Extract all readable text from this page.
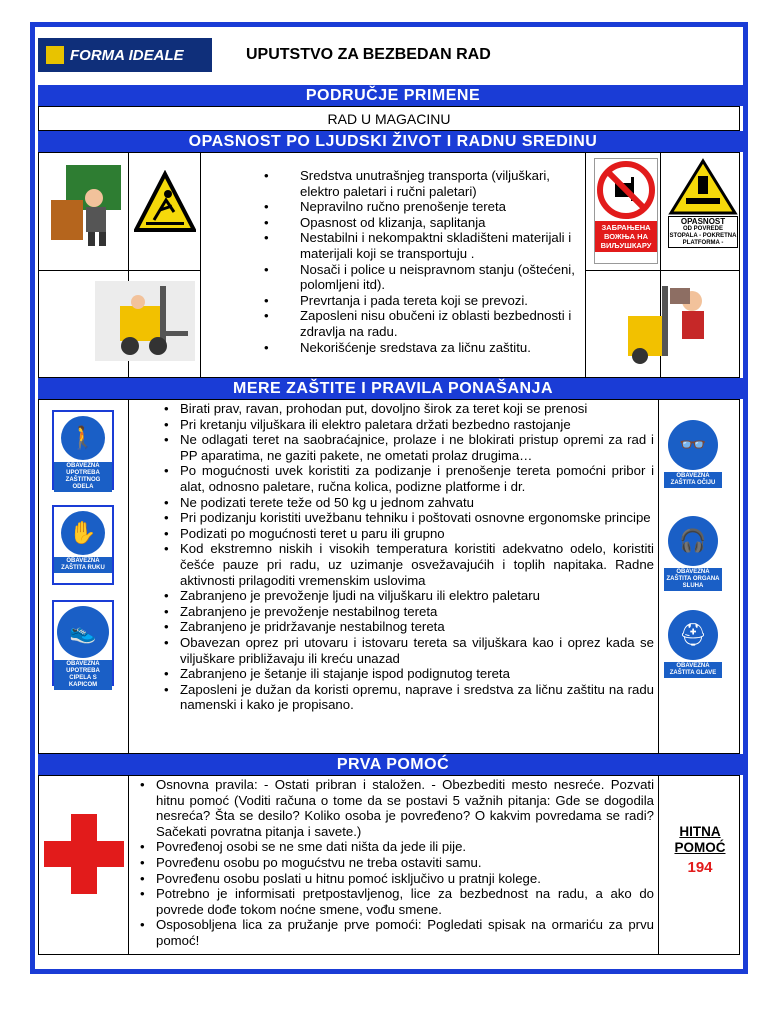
FORMA IDEALE	UPUTSTVO ZA BEZBEDAN RAD
PODRUČJE PRIMENE
RAD U MAGACINU
OPASNOST PO LJUDSKI ŽIVOT I RADNU SREDINU
ЗАБРАЊЕНА ВОЖЊА НА ВИЉУШКАРУ
OPASNOST
OD POVREDE STOPALA - POKRETNA PLATFORMA -
• Sredstva unutrašnjeg transporta (viljuškari, elektro paletari i ručni paletari)
• Nepravilno ručno prenošenje tereta
• Opasnost od klizanja, saplitanja
• Nestabilni i nekompaktni skladišteni materijali i materijali koji se transportuju .
• Nosači i police u neispravnom stanju (oštećeni, polomljeni itd).
• Prevrtanja i pada tereta koji se prevozi.
• Zaposleni nisu obučeni iz oblasti bezbednosti i zdravlja na radu.
• Nekorišćenje sredstava za ličnu zaštitu.
MERE ZAŠTITE I PRAVILA PONAŠANJA
🚶
OBAVEZNA UPOTREBA ZAŠTITNOG ODELA
✋
OBAVEZNA ZAŠTITA RUKU
👟
OBAVEZNA UPOTREBA CIPELA S KAPICOM
👓
OBAVEZNA ZAŠTITA OČIJU
🎧
OBAVEZNA ZAŠTITA ORGANA SLUHA
⛑
OBAVEZNA ZAŠTITA GLAVE
• Birati prav, ravan, prohodan put, dovoljno širok za teret koji se prenosi
• Pri kretanju viljuškara ili elektro paletara držati bezbedno rastojanje
• Ne odlagati teret na saobraćajnice, prolaze i ne blokirati pristup opremi za rad i PP aparatima, ne gaziti pakete, ne ometati prolaz drugima…
• Po mogućnosti uvek koristiti za podizanje i prenošenje tereta pomoćni pribor i alat, odnosno paletare, ručna kolica, podizne platforme i dr.
• Ne podizati terete teže od 50 kg u jednom zahvatu
• Pri podizanju koristiti uvežbanu tehniku i poštovati osnovne ergonomske principe
• Podizati po mogućnosti teret u paru ili grupno
• Kod ekstremno niskih i visokih temperatura koristiti adekvatno odelo, koristiti češće pauze pri radu, uz uzimanje osvežavajućih i toplih napitaka. Radne aktivnosti prilagoditi vremenskim uslovima
• Zabranjeno je prevoženje ljudi na viljuškaru ili elektro paletaru
• Zabranjeno je prevoženje nestabilnog tereta
• Zabranjeno je pridržavanje nestabilnog tereta
• Obavezan oprez pri utovaru i istovaru tereta sa viljuškara kao i oprez kada se viljuškare približavaju ili kreću unazad
• Zabranjeno je šetanje ili stajanje ispod podignutog tereta
• Zaposleni je dužan da koristi opremu, naprave i sredstva za ličnu zaštitu na radu namenski i kako je propisano.
PRVA POMOĆ
• Osnovna pravila: - Ostati pribran i staložen. - Obezbediti mesto nesreće. Pozvati hitnu pomoć (Voditi računa o tome da se postavi 5 važnih pitanja: Gde se dogodila nesreća? Šta se desilo? Koliko osoba je povređeno? O kakvim povredama se radi? Sačekati povratna pitanja i savete.)
• Povređenoj osobi se ne sme dati ništa da jede ili pije.
• Povređenu osobu po mogućstvu ne treba ostaviti samu.
• Povređenu osobu poslati u hitnu pomoć isključivo u pratnji kolege.
• Potrebno je informisati pretpostavljenog, lice za bezbednost na radu, a ako do povrede dođe tokom noćne smene, vođu smene.
• Osposobljena lica za pružanje prve pomoći: Pogledati spisak na ormariću za prvu pomoć!
HITNA
POMOĆ
194
